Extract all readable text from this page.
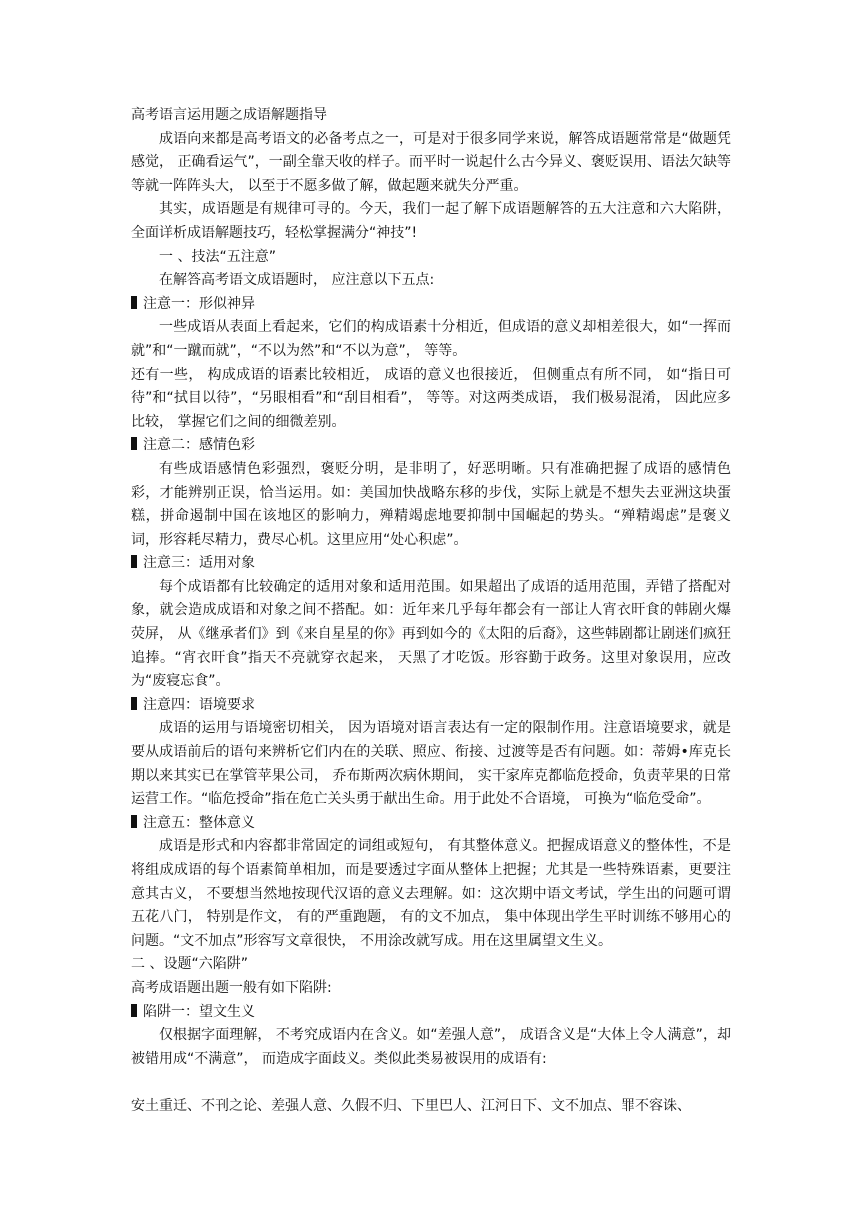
高考语言运用题之成语解题指导

成语向来都是高考语文的必备考点之一，可是对于很多同学来说，解答成语题常常是“做题凭感觉， 正确看运气”，一副全靠天收的样子。而平时一说起什么古今异义、褒贬误用、语法欠缺等等就一阵阵头大， 以至于不愿多做了解，做起题来就失分严重。

其实，成语题是有规律可寻的。今天，我们一起了解下成语题解答的五大注意和六大陷阱，全面详析成语解题技巧，轻松掌握满分“神技”!

一 、技法“五注意”

在解答高考语文成语题时， 应注意以下五点:

注意一：形似神异

一些成语从表面上看起来，它们的构成语素十分相近，但成语的意义却相差很大，如“一挥而就”和“一蹴而就”，“不以为然”和“不以为意”， 等等。

还有一些， 构成成语的语素比较相近， 成语的意义也很接近， 但侧重点有所不同， 如“指日可待”和“拭目以待”，“另眼相看”和“刮目相看”， 等等。对这两类成语， 我们极易混淆， 因此应多比较， 掌握它们之间的细微差别。

注意二：感情色彩

有些成语感情色彩强烈，褒贬分明，是非明了，好恶明晰。只有准确把握了成语的感情色彩，才能辨别正误，恰当运用。如：美国加快战略东移的步伐，实际上就是不想失去亚洲这块蛋糕，拼命遏制中国在该地区的影响力，殚精竭虑地要抑制中国崛起的势头。“殚精竭虑”是褒义词，形容耗尽精力，费尽心机。这里应用“处心积虑”。

注意三：适用对象

每个成语都有比较确定的适用对象和适用范围。如果超出了成语的适用范围，弄错了搭配对象，就会造成成语和对象之间不搭配。如：近年来几乎每年都会有一部让人宵衣旰食的韩剧火爆荧屏， 从《继承者们》到《来自星星的你》再到如今的《太阳的后裔》，这些韩剧都让剧迷们疯狂追捧。“宵衣旰食”指天不亮就穿衣起来， 天黑了才吃饭。形容勤于政务。这里对象误用，应改为“废寝忘食”。

注意四：语境要求

成语的运用与语境密切相关， 因为语境对语言表达有一定的限制作用。注意语境要求，就是要从成语前后的语句来辨析它们内在的关联、照应、衔接、过渡等是否有问题。如：蒂姆•库克长期以来其实已在掌管苹果公司， 乔布斯两次病休期间， 实干家库克都临危授命，负责苹果的日常运营工作。“临危授命”指在危亡关头勇于献出生命。用于此处不合语境， 可换为“临危受命”。

注意五：整体意义

成语是形式和内容都非常固定的词组或短句， 有其整体意义。把握成语意义的整体性，不是将组成成语的每个语素简单相加，而是要透过字面从整体上把握；尤其是一些特殊语素，更要注意其古义， 不要想当然地按现代汉语的意义去理解。如：这次期中语文考试，学生出的问题可谓五花八门， 特别是作文， 有的严重跑题， 有的文不加点， 集中体现出学生平时训练不够用心的问题。“文不加点”形容写文章很快， 不用涂改就写成。用在这里属望文生义。

二 、设题“六陷阱”

高考成语题出题一般有如下陷阱:

陷阱一：望文生义

仅根据字面理解， 不考究成语内在含义。如“差强人意”， 成语含义是“大体上令人满意”，却被错用成“不满意”， 而造成字面歧义。类似此类易被误用的成语有:

安土重迁、不刊之论、差强人意、久假不归、下里巴人、江河日下、文不加点、罪不容诛、
